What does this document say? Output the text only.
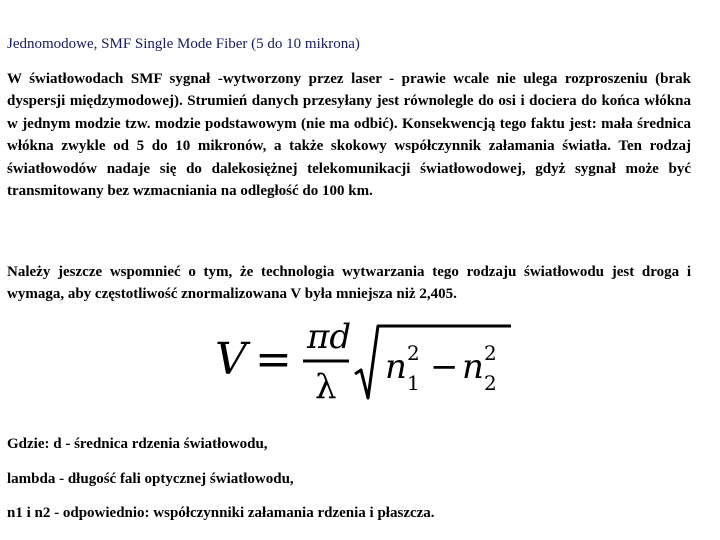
Jednomodowe, SMF Single Mode Fiber (5 do 10 mikrona)

W światłowodach SMF sygnał -wytworzony przez laser - prawie wcale nie ulega rozproszeniu (brak dyspersji międzymodowej). Strumień danych przesyłany jest równolegle do osi i dociera do końca włókna w jednym modzie tzw. modzie podstawowym (nie ma odbić). Konsekwencją tego faktu jest: mała średnica włókna zwykle od 5 do 10 mikronów, a także skokowy współczynnik załamania światła. Ten rodzaj światłowodów nadaje się do dalekosiężnej telekomunikacji światłowodowej, gdyż sygnał może być transmitowany bez wzmacniania na odległość do 100 km.

Należy jeszcze wspomnieć o tym, że technologia wytwarzania tego rodzaju światłowodu jest droga i wymaga, aby częstotliwość znormalizowana V była mniejsza niż 2,405.

V = πd
λ n 2
1 − n 2
2
Gdzie: d - średnica rdzenia światłowodu,
lambda - długość fali optycznej światłowodu,
n1 i n2 - odpowiednio: współczynniki załamania rdzenia i płaszcza.
